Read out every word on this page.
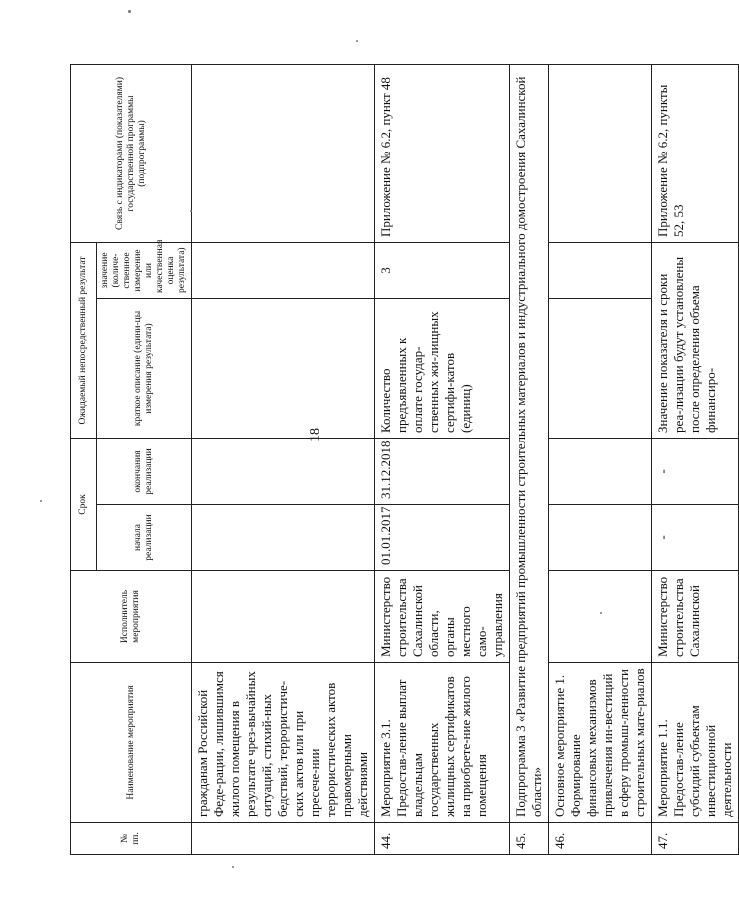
18
№ пп.	Наименование мероприятия	Исполнитель мероприятия	Срок		Ожидаемый непосредственный результат		Связь с индикаторами (показателями) государственной программы (подпрограммы)
			начала реализации	окончания реализации	краткое описание (едини-цы измерения результата)	значение (количе-ственное измерение или качественная оценка результата)	
	гражданам Российской Феде-рации, лишившимся жилого помещения в результате чрез-вычайных ситуаций, стихий-ных бедствий, террористиче-ских актов или при пресече-нии террористических актов правомерными действиями						
44.	Мероприятие 3.1. Предостав-ление выплат владельцам государственных жилищных сертификатов на приобрете-ние жилого помещения	Министерство строительства Сахалинской области, органы местного само-управления	01.01.2017	31.12.2018	Количество предъявленных к оплате государ-ственных жи-лищных сертифи-катов (единиц)	3	Приложение № 6.2, пункт 48
45.	Подпрограмма 3 «Развитие предприятий промышленности строительных материалов и индустриального домостроения Сахалинской области»						
46.	Основное мероприятие 1. Формирование финансовых механизмов привлечения ин-вестиций в сферу промыш-ленности строительных мате-риалов						
47.	Мероприятие 1.1. Предостав-ление субсидий субъектам инвестиционной деятельности	Министерство строительства Сахалинской	-	-	Значение показателя и сроки реа-лизации будут установлены после определения объема финансиро-		Приложение № 6.2, пункты 52, 53
